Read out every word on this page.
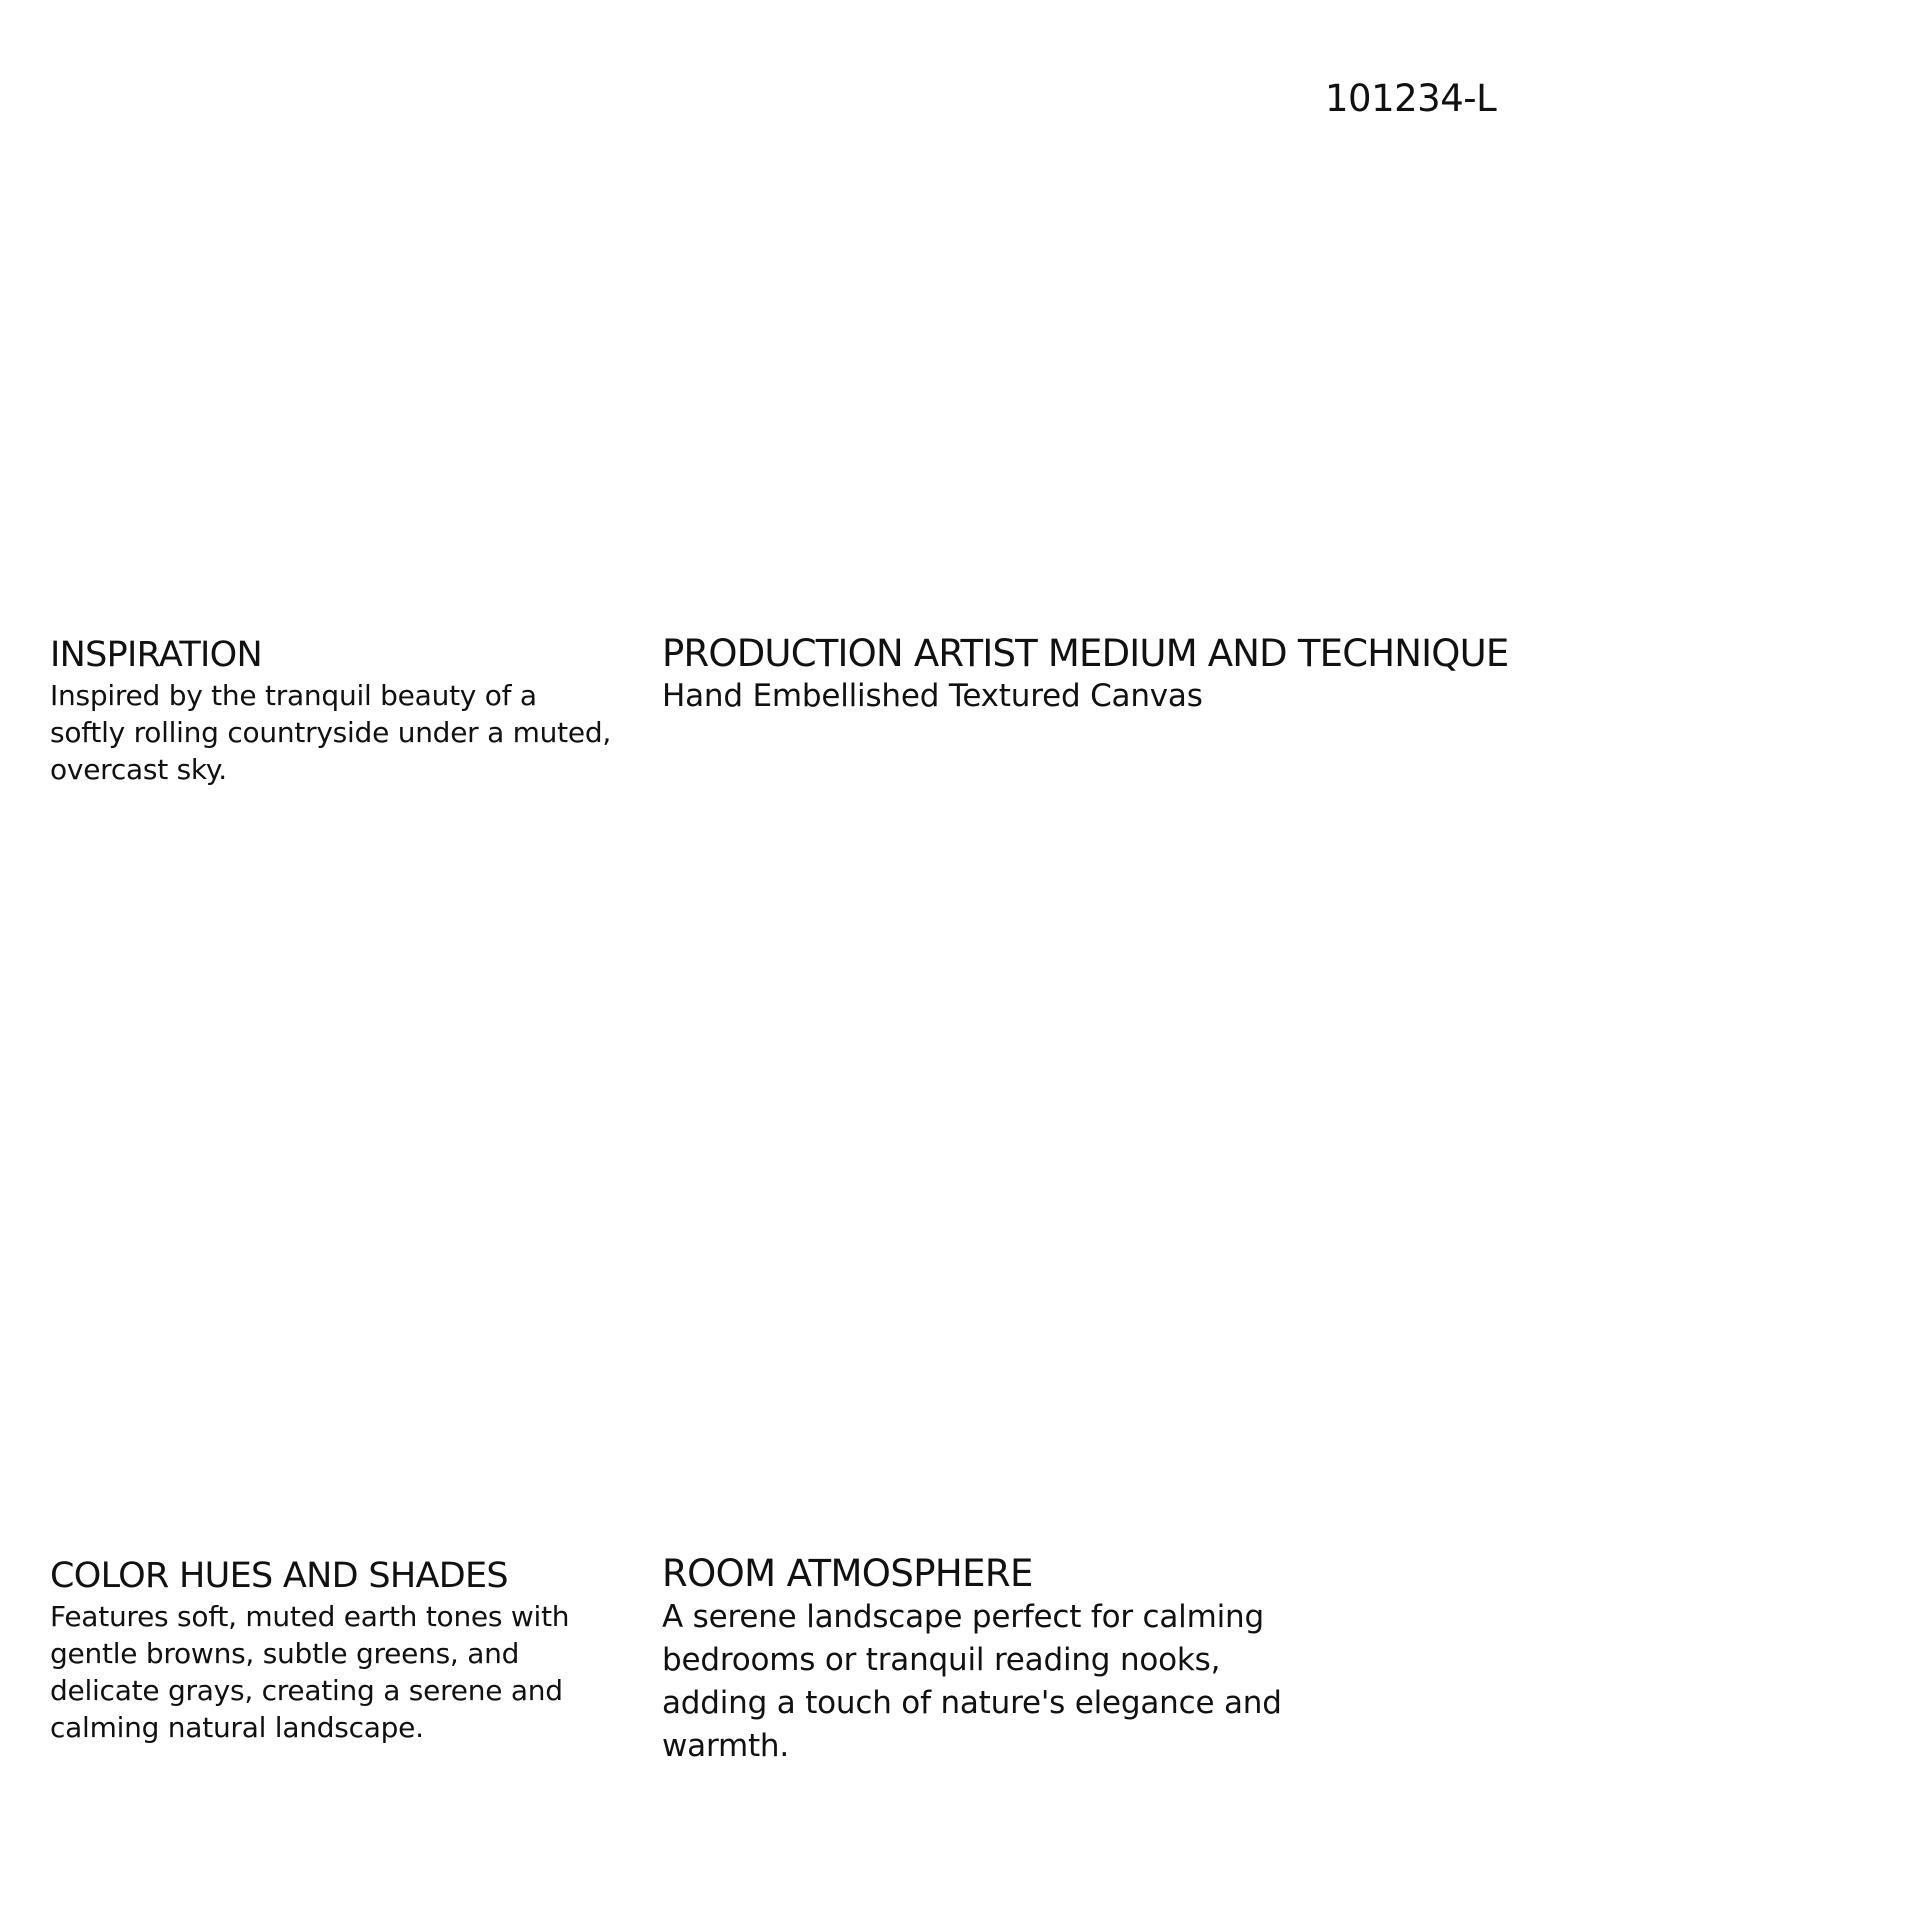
101234-L
INSPIRATION

Inspired by the tranquil beauty of a softly rolling countryside under a muted, overcast sky.

PRODUCTION ARTIST MEDIUM AND TECHNIQUE

Hand Embellished Textured Canvas

COLOR HUES AND SHADES

Features soft, muted earth tones with gentle browns, subtle greens, and delicate grays, creating a serene and calming natural landscape.

ROOM ATMOSPHERE

A serene landscape perfect for calming bedrooms or tranquil reading nooks, adding a touch of nature's elegance and warmth.
